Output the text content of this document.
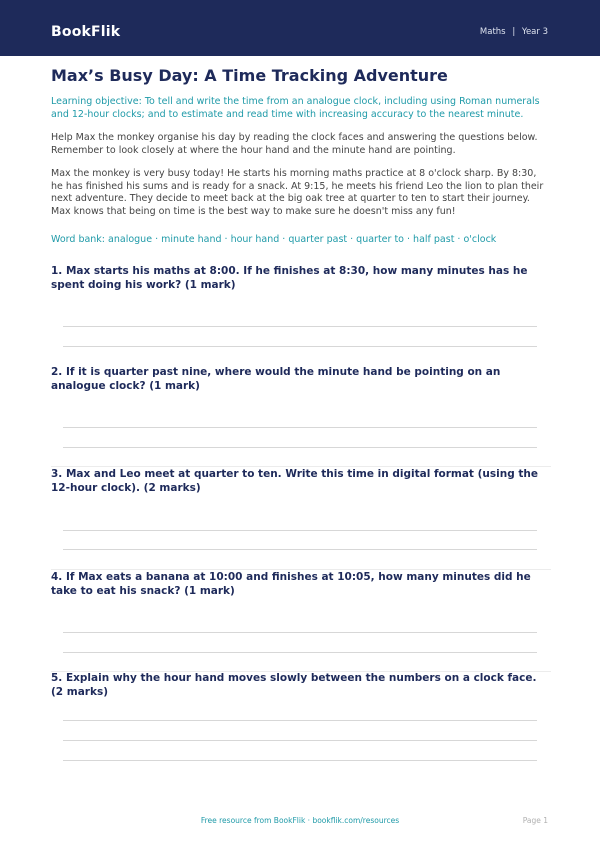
BookFlik	Maths | Year 3
Max’s Busy Day: A Time Tracking Adventure

Learning objective: To tell and write the time from an analogue clock, including using Roman numerals and 12-hour clocks; and to estimate and read time with increasing accuracy to the nearest minute.

Help Max the monkey organise his day by reading the clock faces and answering the questions below. Remember to look closely at where the hour hand and the minute hand are pointing.

Max the monkey is very busy today! He starts his morning maths practice at 8 o'clock sharp. By 8:30, he has finished his sums and is ready for a snack. At 9:15, he meets his friend Leo the lion to plan their next adventure. They decide to meet back at the big oak tree at quarter to ten to start their journey. Max knows that being on time is the best way to make sure he doesn't miss any fun!

Word bank: analogue · minute hand · hour hand · quarter past · quarter to · half past · o'clock

1. Max starts his maths at 8:00. If he finishes at 8:30, how many minutes has he spent doing his work? (1 mark)

2. If it is quarter past nine, where would the minute hand be pointing on an analogue clock? (1 mark)

3. Max and Leo meet at quarter to ten. Write this time in digital format (using the 12-hour clock). (2 marks)

4. If Max eats a banana at 10:00 and finishes at 10:05, how many minutes did he take to eat his snack? (1 mark)

5. Explain why the hour hand moves slowly between the numbers on a clock face. (2 marks)

Free resource from BookFlik · bookflik.com/resources	Page 1
